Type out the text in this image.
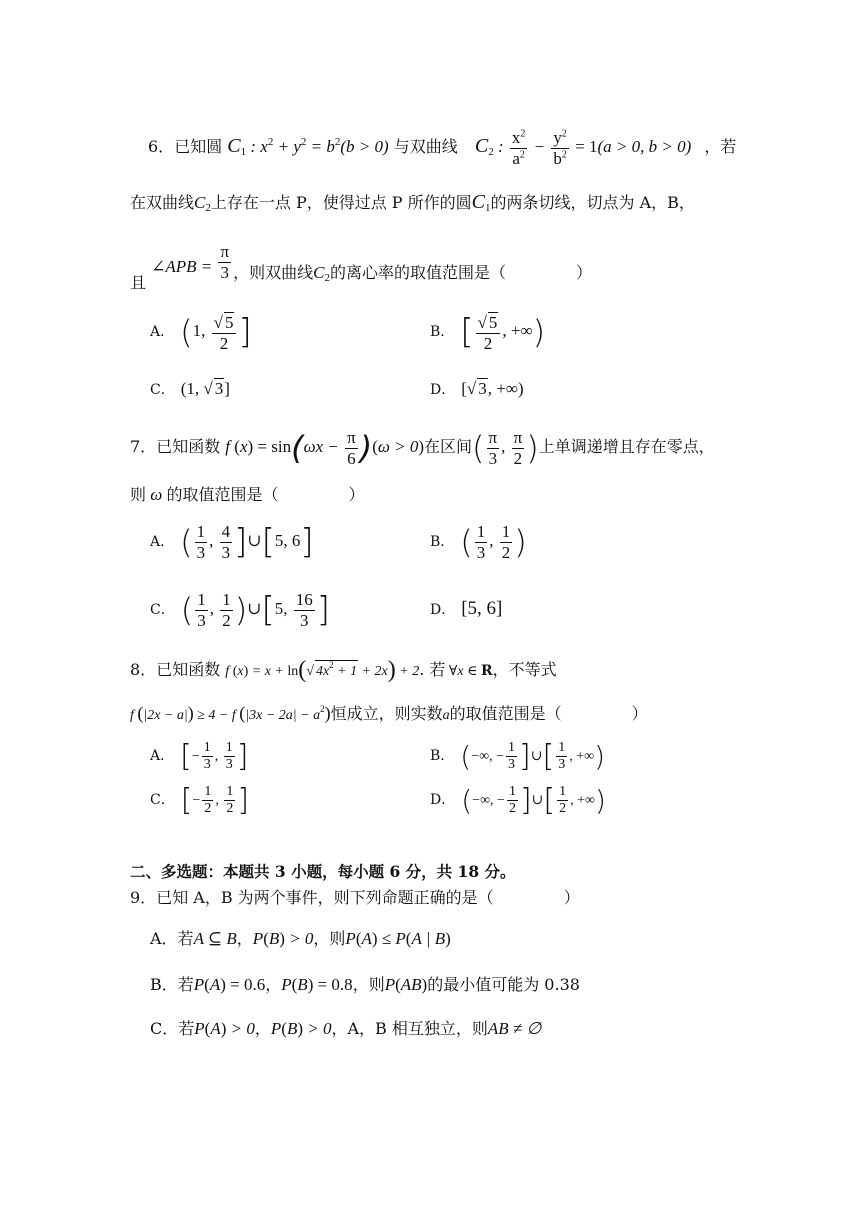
6．已知圆 $C_1$ : $x^2 + y^2 = b^2(b > 0)$ 与双曲线 $C_2$ : $\frac{x^2}{a^2} - \frac{y^2}{b^2} = 1(a > 0$, b > 0) ，若
在双曲线$C_2$上存在一点 P，使得过点 P 所作的圆$C_1$的两条切线，切点为 A，B，
且 ∠APB = $\frac{\pi}{3}$ ，则双曲线$C_2$的离心率的取值范围是（	）
A． (1, $\frac{√ 5}{2}$ ]	B． [ $\frac{√ 5}{2}$ , +∞)
C． (1, √ 3]	D． [√ 3, +∞)
7．已知函数 f $(x) = \sin(\omega x - \frac{\pi}{6} )(\omega > 0)$在区间( $\frac{\pi}{3}$ , $\frac{\pi}{2}$ )上单调递增且存在零点，
则 ω 的取值范围是（	）
A． ( $\frac{1}{3}$ , $\frac{4}{3}$ ]∪[5, 6]	B． ( $\frac{1}{3}$ , $\frac{1}{2}$ )
C． ( $\frac{1}{3}$ , $\frac{1}{2}$ )∪[5, $\frac{16}{3}$ ]	D． [5, 6]
8．已知函数 f (x) = x + ln(√ $4x^2 + 1 + 2x) + 2$. 若 ∀x ∈ R，不等式
f (|2x − a|) ≥ 4 − f $(|3x - 2a| - a^2)$恒成立，则实数a的取值范围是（	）
A． [− $\frac{1}{3}$ , $\frac{1}{3}$ ]	B． (−∞, − $\frac{1}{3}$ ]∪[ $\frac{1}{3}$ , +∞)
C． [− $\frac{1}{2}$ , $\frac{1}{2}$ ]	D． (−∞, − $\frac{1}{2}$ ]∪[ $\frac{1}{2}$ , +∞)
二、多选题：本题共 3 小题，每小题 6 分，共 18 分。
9．已知 A，B 为两个事件，则下列命题正确的是（	）
A．若A ⊆ B，P(B) > 0，则P(A) ≤ P(A | B)
B．若P(A) = 0.6，P(B) = 0.8，则P(AB)的最小值可能为 0.38
C．若P(A) > 0，P(B) > 0，A，B 相互独立，则AB ≠ ∅
